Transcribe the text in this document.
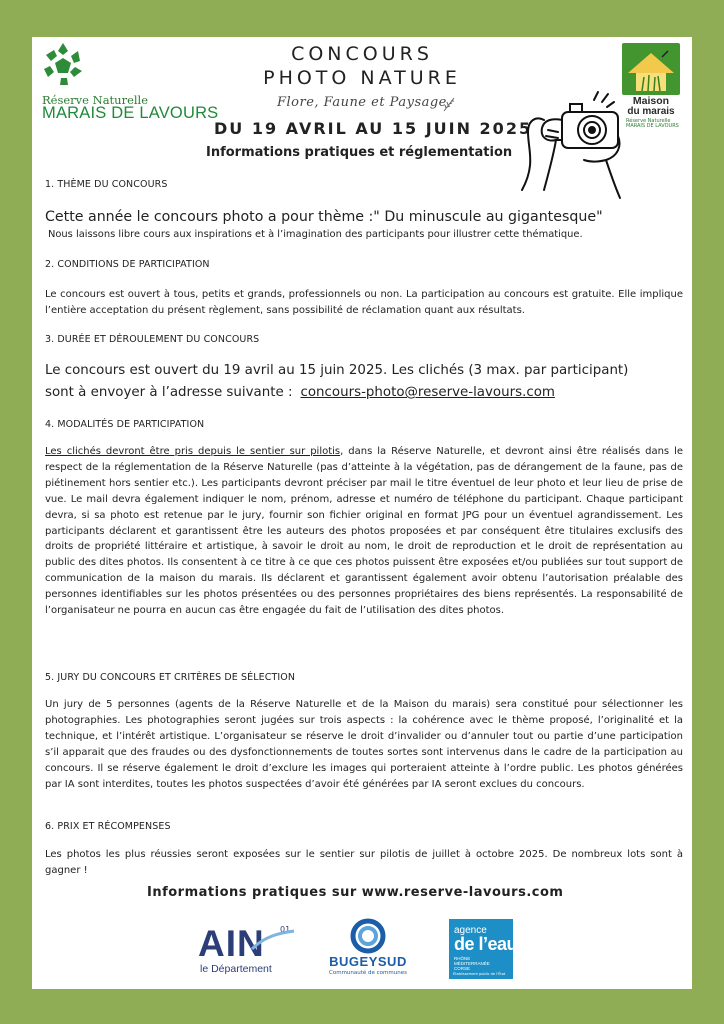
Réserve Naturelle
MARAIS DE LAVOURS
CONCOURS
PHOTO NATURE
Flore, Faune et Paysage
DU 19 AVRIL AU 15 JUIN 2025
Informations pratiques et réglementation
Maison
du marais
Réserve Naturelle
MARAIS DE LAVOURS
1. THÈME DU CONCOURS
Cette année le concours photo a pour thème :" Du minuscule au gigantesque"
Nous laissons libre cours aux inspirations et à l’imagination des participants pour illustrer cette thématique.
2. CONDITIONS DE PARTICIPATION
Le concours est ouvert à tous, petits et grands, professionnels ou non. La participation au concours est gratuite. Elle implique l’entière acceptation du présent règlement, sans possibilité de réclamation quant aux résultats.
3. DURÉE ET DÉROULEMENT DU CONCOURS
Le concours est ouvert du 19 avril au 15 juin 2025. Les clichés (3 max. par participant)
sont à envoyer à l’adresse suivante : concours-photo@reserve-lavours.com
4. MODALITÉS DE PARTICIPATION
Les clichés devront être pris depuis le sentier sur pilotis, dans la Réserve Naturelle, et devront ainsi être réalisés dans le respect de la réglementation de la Réserve Naturelle (pas d’atteinte à la végétation, pas de dérangement de la faune, pas de piétinement hors sentier etc.). Les participants devront préciser par mail le titre éventuel de leur photo et leur lieu de prise de vue. Le mail devra également indiquer le nom, prénom, adresse et numéro de téléphone du participant. Chaque participant devra, si sa photo est retenue par le jury, fournir son fichier original en format JPG pour un éventuel agrandissement. Les participants déclarent et garantissent être les auteurs des photos proposées et par conséquent être titulaires exclusifs des droits de propriété littéraire et artistique, à savoir le droit au nom, le droit de reproduction et le droit de représentation au public des dites photos. Ils consentent à ce titre à ce que ces photos puissent être exposées et/ou publiées sur tout support de communication de la maison du marais. Ils déclarent et garantissent également avoir obtenu l’autorisation préalable des personnes identifiables sur les photos présentées ou des personnes propriétaires des biens représentés. La responsabilité de l’organisateur ne pourra en aucun cas être engagée du fait de l’utilisation des dites photos.
5. JURY DU CONCOURS ET CRITÈRES DE SÉLECTION
Un jury de 5 personnes (agents de la Réserve Naturelle et de la Maison du marais) sera constitué pour sélectionner les photographies. Les photographies seront jugées sur trois aspects : la cohérence avec le thème proposé, l’originalité et la technique, et l’intérêt artistique. L’organisateur se réserve le droit d’invalider ou d’annuler tout ou partie d’une participation s’il apparait que des fraudes ou des dysfonctionnements de toutes sortes sont intervenus dans le cadre de la participation au concours. Il se réserve également le droit d’exclure les images qui porteraient atteinte à l’ordre public. Les photos générées par IA sont interdites, toutes les photos suspectées d’avoir été générées par IA seront exclues du concours.
6. PRIX ET RÉCOMPENSES
Les photos les plus réussies seront exposées sur le sentier sur pilotis de juillet à octobre 2025. De nombreux lots sont à gagner !
Informations pratiques sur www.reserve-lavours.com
AIN 01
le Département	BUGEYSUD
Communauté de communes
agence
de l’eau
RHÔNE
MÉDITERRANÉE
CORSE
Établissement public de l’État
